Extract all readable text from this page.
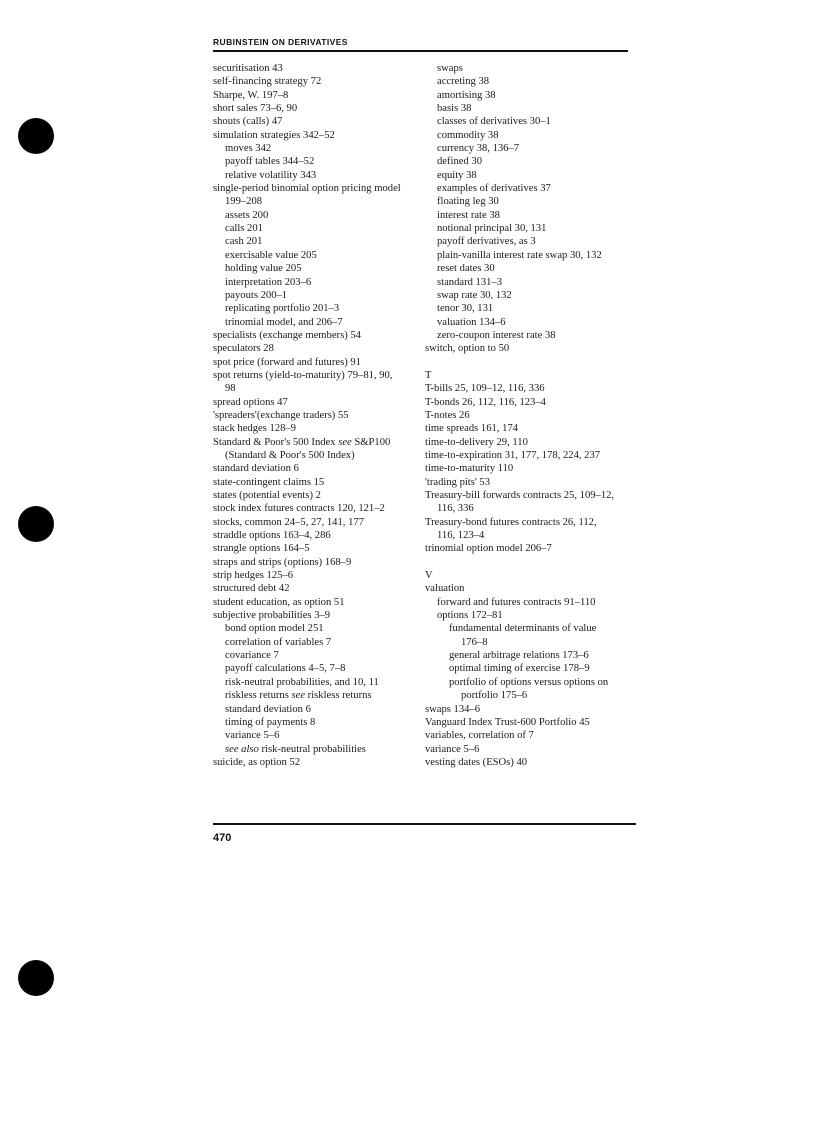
RUBINSTEIN ON DERIVATIVES
securitisation 43
self-financing strategy 72
Sharpe, W. 197–8
short sales 73–6, 90
shouts (calls) 47
simulation strategies 342–52
moves 342
payoff tables 344–52
relative volatility 343
single-period binomial option pricing model
199–208
assets 200
calls 201
cash 201
exercisable value 205
holding value 205
interpretation 203–6
payouts 200–1
replicating portfolio 201–3
trinomial model, and 206–7
specialists (exchange members) 54
speculators 28
spot price (forward and futures) 91
spot returns (yield-to-maturity) 79–81, 90,
98
spread options 47
'spreaders'(exchange traders) 55
stack hedges 128–9
Standard & Poor's 500 Index see S&P100
(Standard & Poor's 500 Index)
standard deviation 6
state-contingent claims 15
states (potential events) 2
stock index futures contracts 120, 121–2
stocks, common 24–5, 27, 141, 177
straddle options 163–4, 286
strangle options 164–5
straps and strips (options) 168–9
strip hedges 125–6
structured debt 42
student education, as option 51
subjective probabilities 3–9
bond option model 251
correlation of variables 7
covariance 7
payoff calculations 4–5, 7–8
risk-neutral probabilities, and 10, 11
riskless returns see riskless returns
standard deviation 6
timing of payments 8
variance 5–6
see also risk-neutral probabilities
suicide, as option 52
swaps
accreting 38
amortising 38
basis 38
classes of derivatives 30–1
commodity 38
currency 38, 136–7
defined 30
equity 38
examples of derivatives 37
floating leg 30
interest rate 38
notional principal 30, 131
payoff derivatives, as 3
plain-vanilla interest rate swap 30, 132
reset dates 30
standard 131–3
swap rate 30, 132
tenor 30, 131
valuation 134–6
zero-coupon interest rate 38
switch, option to 50
T
T-bills 25, 109–12, 116, 336
T-bonds 26, 112, 116, 123–4
T-notes 26
time spreads 161, 174
time-to-delivery 29, 110
time-to-expiration 31, 177, 178, 224, 237
time-to-maturity 110
'trading pits' 53
Treasury-bill forwards contracts 25, 109–12,
116, 336
Treasury-bond futures contracts 26, 112,
116, 123–4
trinomial option model 206–7
V
valuation
forward and futures contracts 91–110
options 172–81
fundamental determinants of value
176–8
general arbitrage relations 173–6
optimal timing of exercise 178–9
portfolio of options versus options on
portfolio 175–6
swaps 134–6
Vanguard Index Trust-600 Portfolio 45
variables, correlation of 7
variance 5–6
vesting dates (ESOs) 40
470
